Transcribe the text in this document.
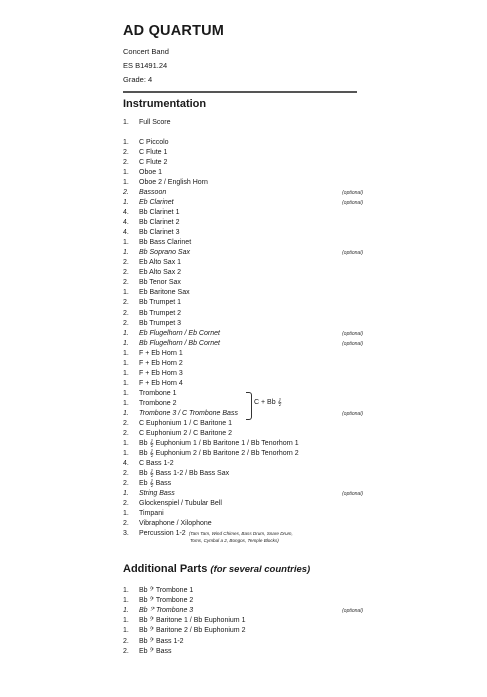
AD QUARTUM
Concert Band
ES B1491.24
Grade: 4
Instrumentation
1. Full Score
1. C Piccolo
2. C Flute 1
2. C Flute 2
1. Oboe 1
1. Oboe 2 / English Horn
2. Bassoon	(optional)
1. Eb Clarinet	(optional)
4. Bb Clarinet 1
4. Bb Clarinet 2
4. Bb Clarinet 3
1. Bb Bass Clarinet
1. Bb Soprano Sax	(optional)
2. Eb Alto Sax 1
2. Eb Alto Sax 2
2. Bb Tenor Sax
1. Eb Baritone Sax
2. Bb Trumpet 1
2. Bb Trumpet 2
2. Bb Trumpet 3
1. Eb Flugelhorn / Eb Cornet	(optional)
1. Bb Flugelhorn / Bb Cornet	(optional)
1. F + Eb Horn 1
1. F + Eb Horn 2
1. F + Eb Horn 3
1. F + Eb Horn 4
1. Trombone 1
1. Trombone 2
1. Trombone 3 / C Trombone Bass	(optional)
2. C Euphonium 1 / C Baritone 1
2. C Euphonium 2 / C Baritone 2
1. Bb 𝄞 Euphonium 1 / Bb Baritone 1 / Bb Tenorhorn 1
1. Bb 𝄞 Euphonium 2 / Bb Baritone 2 / Bb Tenorhorn 2
4. C Bass 1-2
2. Bb 𝄞 Bass 1-2 / Bb Bass Sax
2. Eb 𝄞 Bass
1. String Bass	(optional)
2. Glockenspiel / Tubular Bell
1. Timpani
2. Vibraphone / Xilophone
3. Percussion 1-2 (Tam Tam, Wind Chimes, Bass Drum, Snare Drum,
Toms, Cymbal a 2, Bongos, Temple Blocks)
C + Bb 𝄞
Additional Parts (for several countries)
1. Bb 𝄢 Trombone 1
1. Bb 𝄢 Trombone 2
1. Bb 𝄢 Trombone 3	(optional)
1. Bb 𝄢 Baritone 1 / Bb Euphonium 1
1. Bb 𝄢 Baritone 2 / Bb Euphonium 2
2. Bb 𝄢 Bass 1-2
2. Eb 𝄢 Bass
